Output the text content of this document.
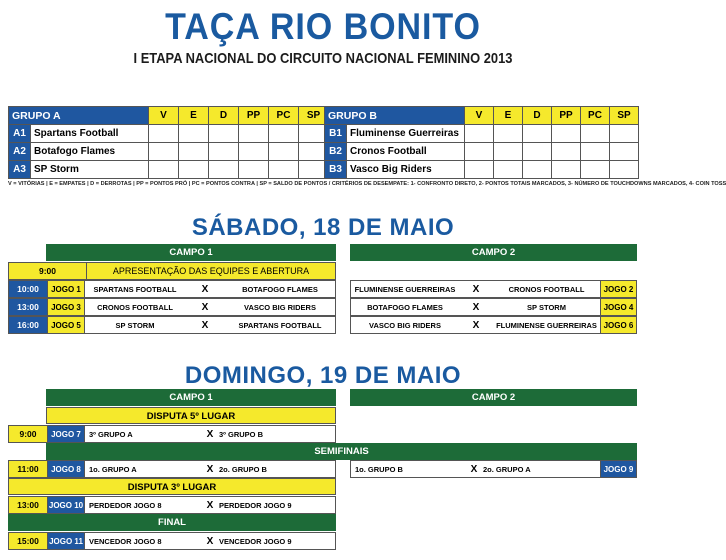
TAÇA RIO BONITO
I ETAPA NACIONAL DO CIRCUITO NACIONAL FEMININO 2013
GRUPO A		V	E	D	PP	PC	SP
A1	Spartans Football						
A2	Botafogo Flames						
A3	SP Storm						
GRUPO B		V	E	D	PP	PC	SP
B1	Fluminense Guerreiras						
B2	Cronos Football						
B3	Vasco Big Riders						
V = VITÓRIAS | E = EMPATES | D = DERROTAS | PP = PONTOS PRÓ | PC = PONTOS CONTRA | SP = SALDO DE PONTOS / CRITÉRIOS DE DESEMPATE: 1- CONFRONTO DIRETO, 2- PONTOS TOTAIS MARCADOS, 3- NÚMERO DE TOUCHDOWNS MARCADOS, 4- COIN TOSS
SÁBADO, 18 DE MAIO
CAMPO 1	CAMPO 2
9:00	APRESENTAÇÃO DAS EQUIPES E ABERTURA
10:00	JOGO 1	SPARTANS FOOTBALL	X	BOTAFOGO FLAMES	FLUMINENSE GUERREIRAS	X	CRONOS FOOTBALL	JOGO 2
13:00	JOGO 3	CRONOS FOOTBALL	X	VASCO BIG RIDERS	BOTAFOGO FLAMES	X	SP STORM	JOGO 4
16:00	JOGO 5	SP STORM	X	SPARTANS FOOTBALL	VASCO BIG RIDERS	X	FLUMINENSE GUERREIRAS JOGO 6
DOMINGO, 19 DE MAIO
CAMPO 1	CAMPO 2
DISPUTA 5º LUGAR
9:00	JOGO 7	3º GRUPO A	X 3º GRUPO B
SEMIFINAIS
11:00	JOGO 8	1o. GRUPO A	X 2o. GRUPO B	1o. GRUPO B	X 2o. GRUPO A	JOGO 9
DISPUTA 3º LUGAR
13:00	JOGO 10 PERDEDOR JOGO 8	X PERDEDOR JOGO 9
FINAL
15:00	JOGO 11 VENCEDOR JOGO 8	X VENCEDOR JOGO 9
